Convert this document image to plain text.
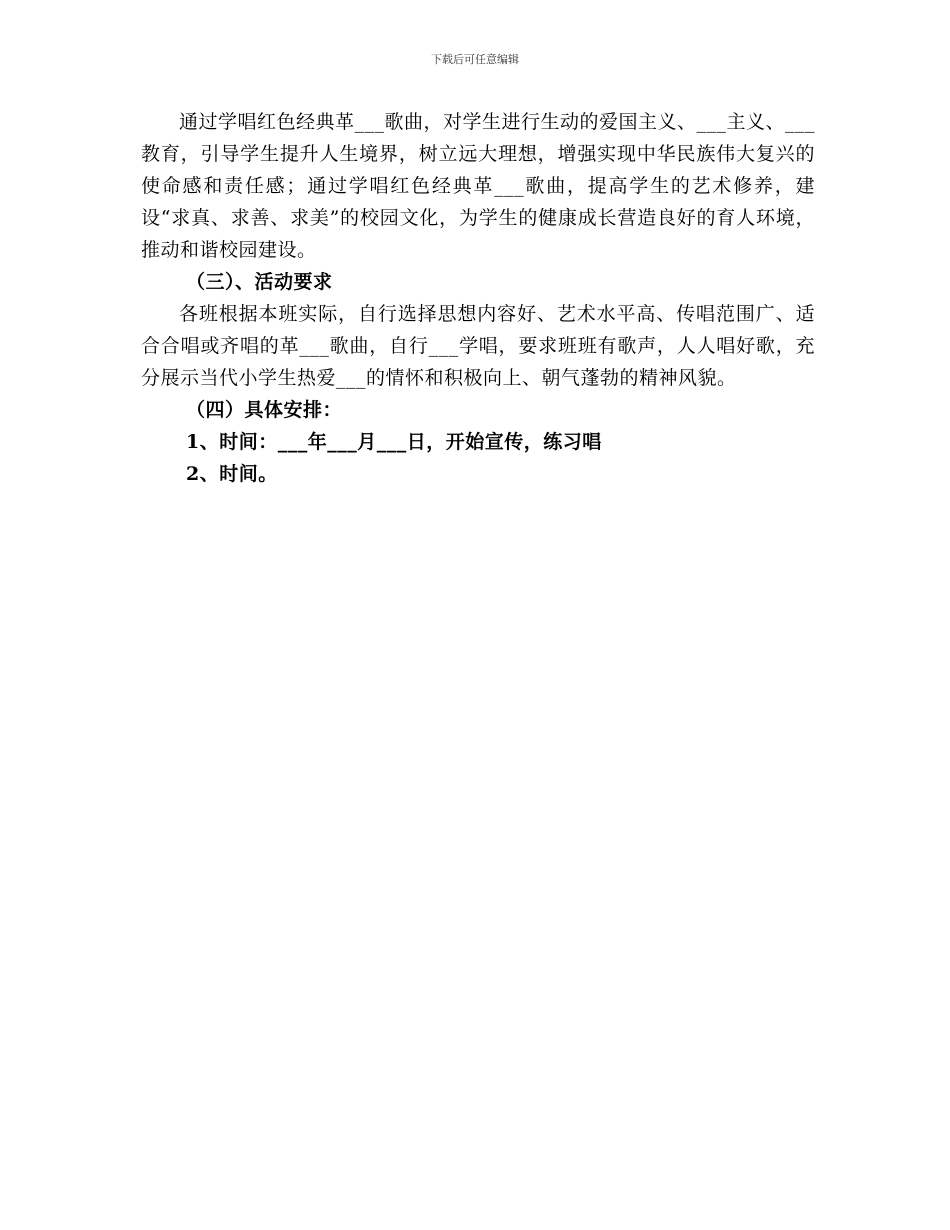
下载后可任意编辑

通过学唱红色经典革___歌曲，对学生进行生动的爱国主义、___主义、___教育，引导学生提升人生境界，树立远大理想，增强实现中华民族伟大复兴的使命感和责任感；通过学唱红色经典革___歌曲，提高学生的艺术修养，建设“求真、求善、求美”的校园文化，为学生的健康成长营造良好的育人环境，推动和谐校园建设。

（三）、活动要求

各班根据本班实际，自行选择思想内容好、艺术水平高、传唱范围广、适合合唱或齐唱的革___歌曲，自行___学唱，要求班班有歌声，人人唱好歌，充分展示当代小学生热爱___的情怀和积极向上、朝气蓬勃的精神风貌。

（四）具体安排：

1、时间：___年___月___日，开始宣传，练习唱

2、时间。
